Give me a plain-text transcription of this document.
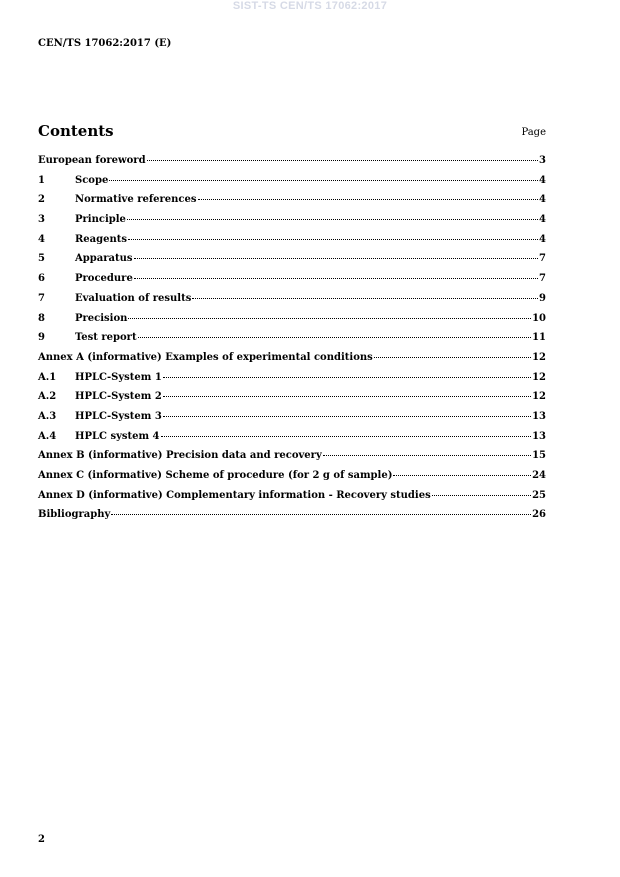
SIST-TS CEN/TS 17062:2017
CEN/TS 17062:2017 (E)
Contents	Page
European foreword	3
1	Scope	4
2	Normative references	4
3	Principle	4
4	Reagents	4
5	Apparatus	7
6	Procedure	7
7	Evaluation of results	9
8	Precision	10
9	Test report	11
Annex A (informative) Examples of experimental conditions	12
A.1	HPLC-System 1	12
A.2	HPLC-System 2	12
A.3	HPLC-System 3	13
A.4	HPLC system 4	13
Annex B (informative) Precision data and recovery	15
Annex C (informative) Scheme of procedure (for 2 g of sample)	24
Annex D (informative) Complementary information - Recovery studies	25
Bibliography	26
2
